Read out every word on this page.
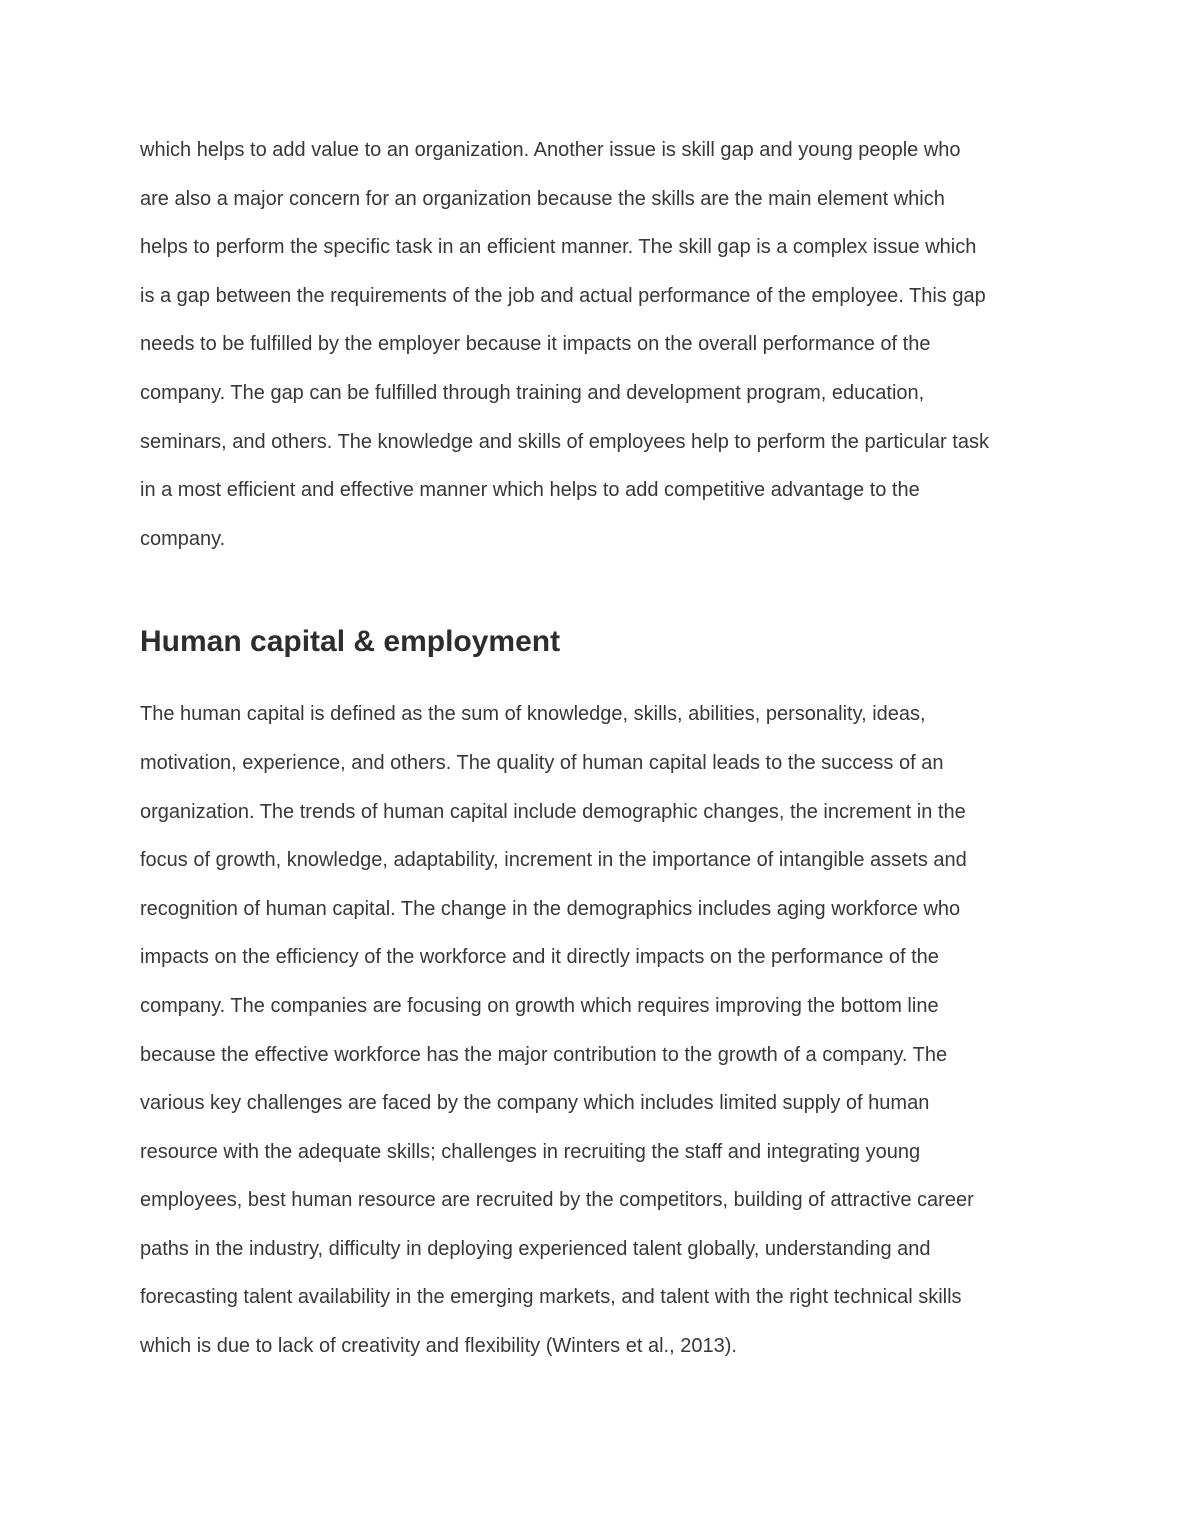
which helps to add value to an organization. Another issue is skill gap and young people who
are also a major concern for an organization because the skills are the main element which
helps to perform the specific task in an efficient manner. The skill gap is a complex issue which
is a gap between the requirements of the job and actual performance of the employee. This gap
needs to be fulfilled by the employer because it impacts on the overall performance of the
company. The gap can be fulfilled through training and development program, education,
seminars, and others. The knowledge and skills of employees help to perform the particular task
in a most efficient and effective manner which helps to add competitive advantage to the
company.

Human capital & employment

The human capital is defined as the sum of knowledge, skills, abilities, personality, ideas,
motivation, experience, and others. The quality of human capital leads to the success of an
organization. The trends of human capital include demographic changes, the increment in the
focus of growth, knowledge, adaptability, increment in the importance of intangible assets and
recognition of human capital. The change in the demographics includes aging workforce who
impacts on the efficiency of the workforce and it directly impacts on the performance of the
company. The companies are focusing on growth which requires improving the bottom line
because the effective workforce has the major contribution to the growth of a company. The
various key challenges are faced by the company which includes limited supply of human
resource with the adequate skills; challenges in recruiting the staff and integrating young
employees, best human resource are recruited by the competitors, building of attractive career
paths in the industry, difficulty in deploying experienced talent globally, understanding and
forecasting talent availability in the emerging markets, and talent with the right technical skills
which is due to lack of creativity and flexibility (Winters et al., 2013).
